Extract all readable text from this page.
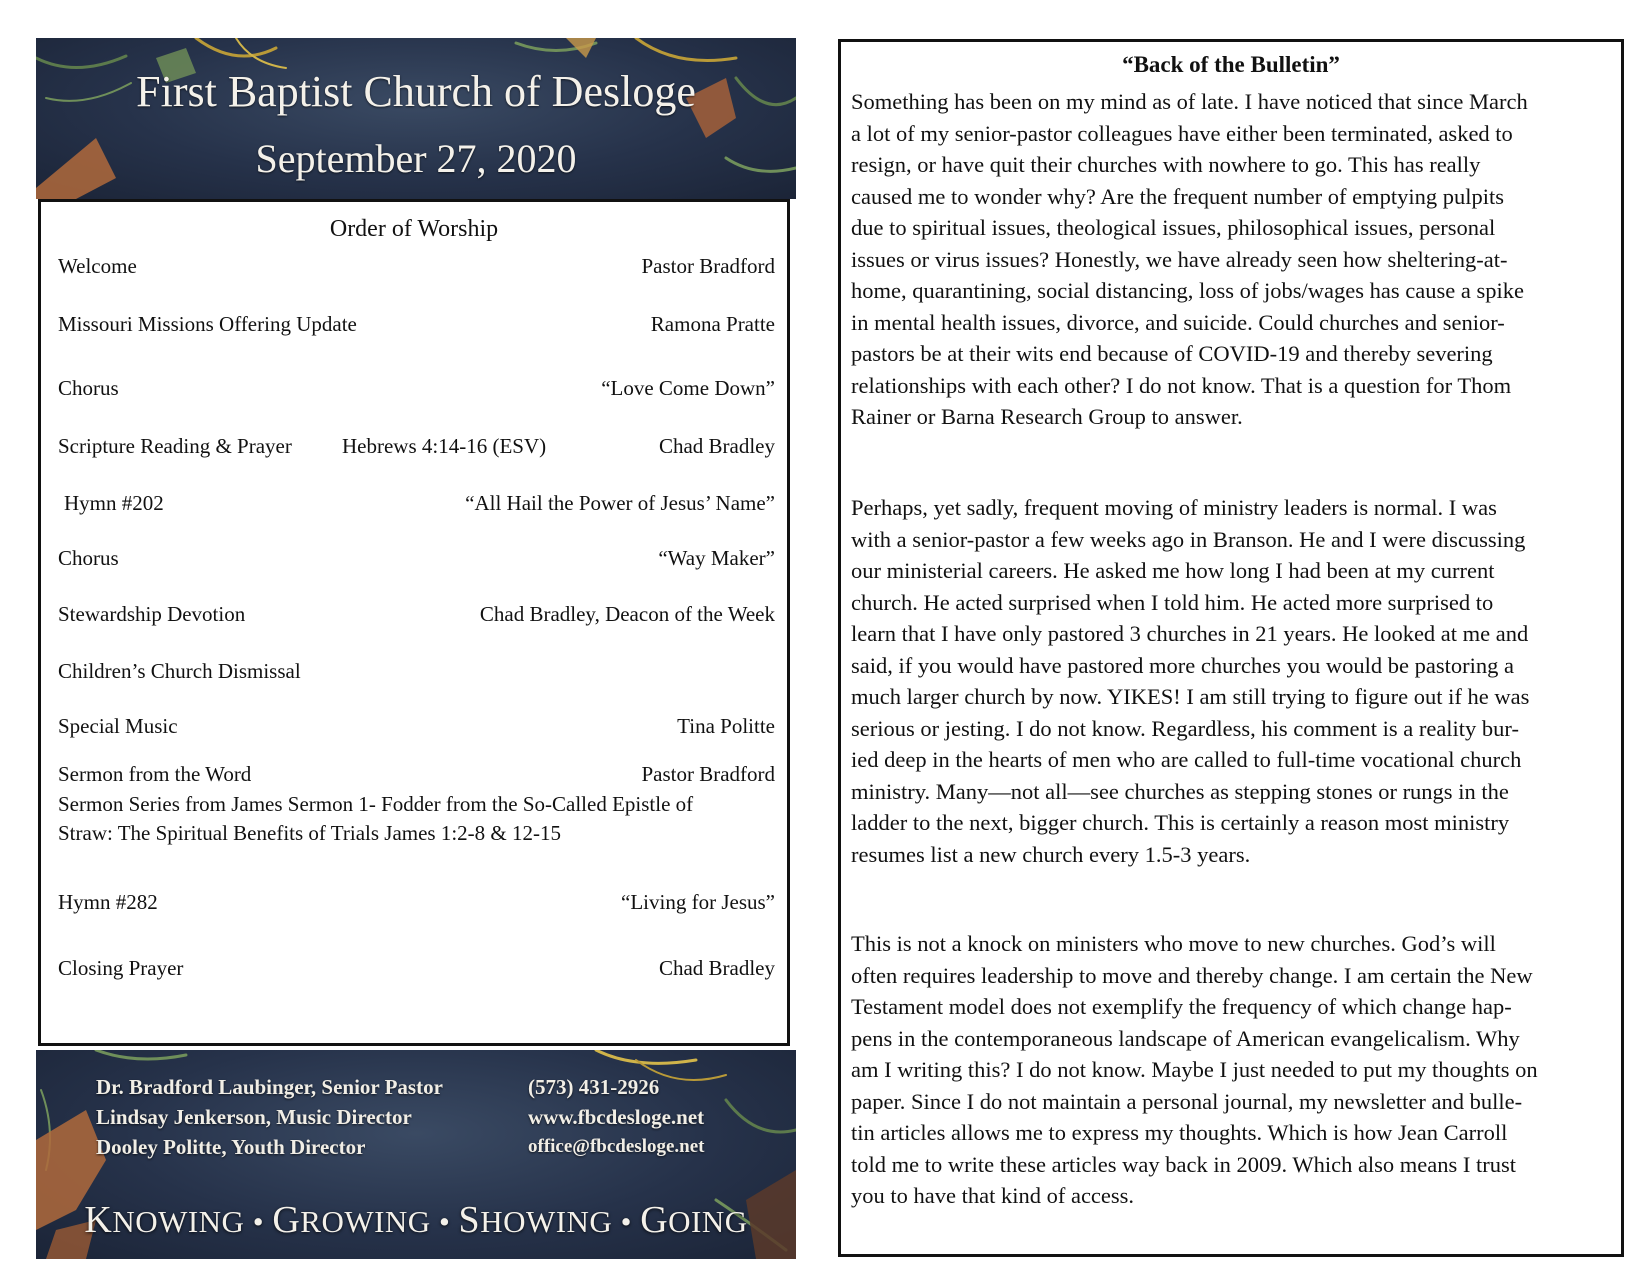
First Baptist Church of Desloge
September 27, 2020
Order of Worship
Welcome	Pastor Bradford
Missouri Missions Offering Update	Ramona Pratte
Chorus	“Love Come Down”
Scripture Reading & Prayer Hebrews 4:14-16 (ESV)	Chad Bradley
Hymn #202	“All Hail the Power of Jesus’ Name”
Chorus	“Way Maker”
Stewardship Devotion	Chad Bradley, Deacon of the Week
Children’s Church Dismissal
Special Music	Tina Politte
Sermon from the Word	Pastor Bradford
Sermon Series from James Sermon 1- Fodder from the So-Called Epistle of
Straw: The Spiritual Benefits of Trials James 1:2-8 & 12-15
Hymn #282	“Living for Jesus”
Closing Prayer	Chad Bradley
Dr. Bradford Laubinger, Senior Pastor
Lindsay Jenkerson, Music Director
Dooley Politte, Youth Director
(573) 431-2926
www.fbcdesloge.net
office@fbcdesloge.net
KNOWING • GROWING • SHOWING • GOING
“Back of the Bulletin”
Something has been on my mind as of late. I have noticed that since March
a lot of my senior-pastor colleagues have either been terminated, asked to
resign, or have quit their churches with nowhere to go. This has really
caused me to wonder why? Are the frequent number of emptying pulpits
due to spiritual issues, theological issues, philosophical issues, personal
issues or virus issues? Honestly, we have already seen how sheltering-at-
home, quarantining, social distancing, loss of jobs/wages has cause a spike
in mental health issues, divorce, and suicide. Could churches and senior-
pastors be at their wits end because of COVID-19 and thereby severing
relationships with each other? I do not know. That is a question for Thom
Rainer or Barna Research Group to answer.
Perhaps, yet sadly, frequent moving of ministry leaders is normal. I was
with a senior-pastor a few weeks ago in Branson. He and I were discussing
our ministerial careers. He asked me how long I had been at my current
church. He acted surprised when I told him. He acted more surprised to
learn that I have only pastored 3 churches in 21 years. He looked at me and
said, if you would have pastored more churches you would be pastoring a
much larger church by now. YIKES! I am still trying to figure out if he was
serious or jesting. I do not know. Regardless, his comment is a reality bur-
ied deep in the hearts of men who are called to full-time vocational church
ministry. Many—not all—see churches as stepping stones or rungs in the
ladder to the next, bigger church. This is certainly a reason most ministry
resumes list a new church every 1.5-3 years.
This is not a knock on ministers who move to new churches. God’s will
often requires leadership to move and thereby change. I am certain the New
Testament model does not exemplify the frequency of which change hap-
pens in the contemporaneous landscape of American evangelicalism. Why
am I writing this? I do not know. Maybe I just needed to put my thoughts on
paper. Since I do not maintain a personal journal, my newsletter and bulle-
tin articles allows me to express my thoughts. Which is how Jean Carroll
told me to write these articles way back in 2009. Which also means I trust
you to have that kind of access.
